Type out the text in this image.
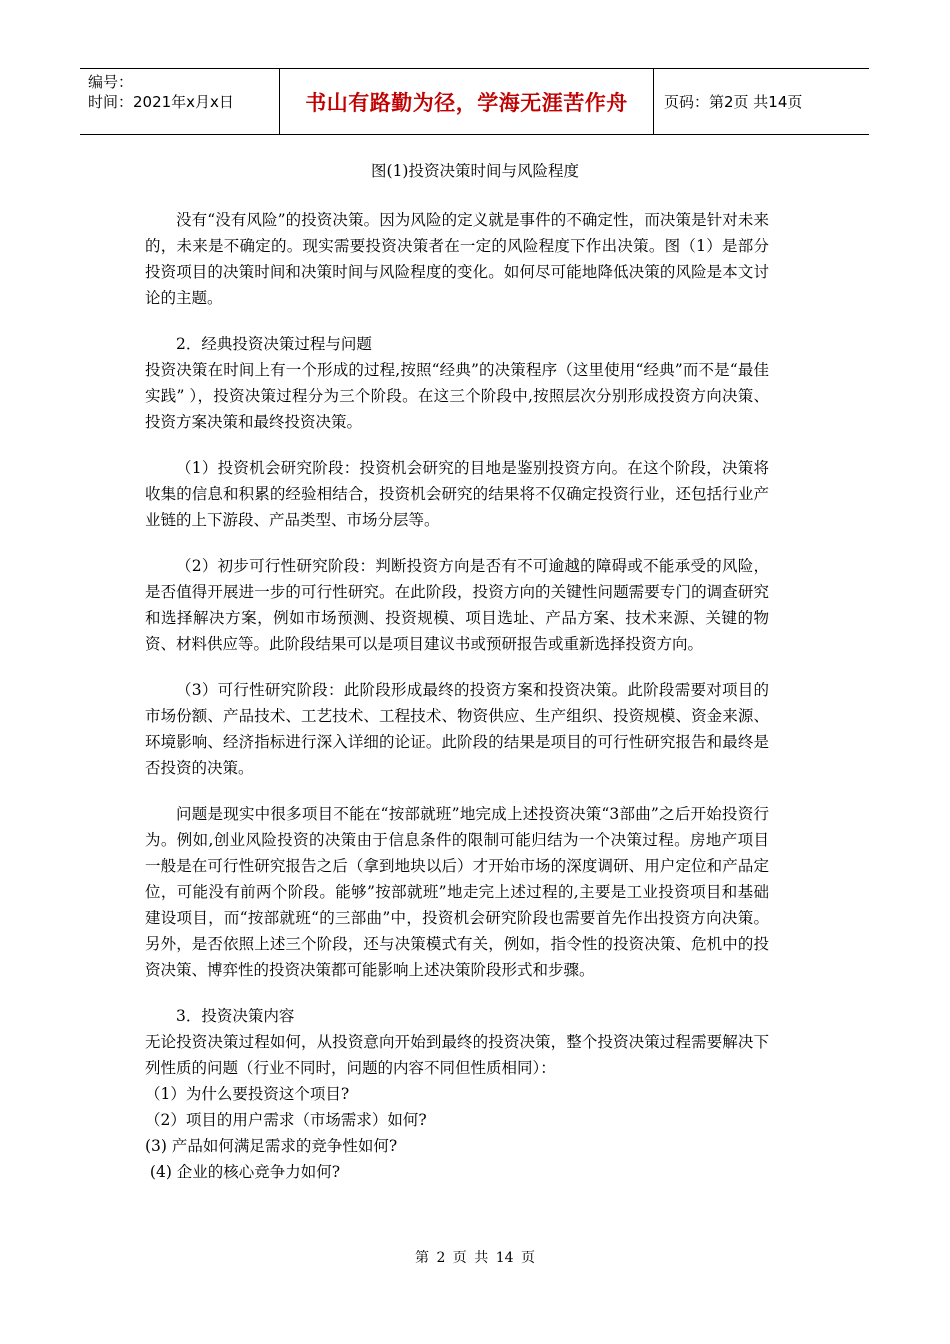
编号：
时间：2021年x月x日	书山有路勤为径，学海无涯苦作舟	页码：第2页 共14页
图(1)投资决策时间与风险程度

没有“没有风险”的投资决策。因为风险的定义就是事件的不确定性，而决策是针对未来的，未来是不确定的。现实需要投资决策者在一定的风险程度下作出决策。图（1）是部分投资项目的决策时间和决策时间与风险程度的变化。如何尽可能地降低决策的风险是本文讨论的主题。

2．经典投资决策过程与问题

投资决策在时间上有一个形成的过程,按照“经典”的决策程序（这里使用“经典”而不是“最佳实践” ），投资决策过程分为三个阶段。在这三个阶段中,按照层次分别形成投资方向决策、投资方案决策和最终投资决策。

（1）投资机会研究阶段：投资机会研究的目地是鉴别投资方向。在这个阶段，决策将收集的信息和积累的经验相结合，投资机会研究的结果将不仅确定投资行业，还包括行业产业链的上下游段、产品类型、市场分层等。

（2）初步可行性研究阶段：判断投资方向是否有不可逾越的障碍或不能承受的风险，是否值得开展进一步的可行性研究。在此阶段，投资方向的关键性问题需要专门的调查研究和选择解决方案，例如市场预测、投资规模、项目选址、产品方案、技术来源、关键的物资、材料供应等。此阶段结果可以是项目建议书或预研报告或重新选择投资方向。

（3）可行性研究阶段：此阶段形成最终的投资方案和投资决策。此阶段需要对项目的市场份额、产品技术、工艺技术、工程技术、物资供应、生产组织、投资规模、资金来源、环境影响、经济指标进行深入详细的论证。此阶段的结果是项目的可行性研究报告和最终是否投资的决策。

问题是现实中很多项目不能在“按部就班”地完成上述投资决策“3部曲”之后开始投资行为。例如,创业风险投资的决策由于信息条件的限制可能归结为一个决策过程。房地产项目一般是在可行性研究报告之后（拿到地块以后）才开始市场的深度调研、用户定位和产品定位，可能没有前两个阶段。能够”按部就班”地走完上述过程的,主要是工业投资项目和基础建设项目，而“按部就班“的三部曲”中，投资机会研究阶段也需要首先作出投资方向决策。另外，是否依照上述三个阶段，还与决策模式有关，例如，指令性的投资决策、危机中的投资决策、博弈性的投资决策都可能影响上述决策阶段形式和步骤。

3．投资决策内容

无论投资决策过程如何，从投资意向开始到最终的投资决策，整个投资决策过程需要解决下列性质的问题（行业不同时，问题的内容不同但性质相同）：

（1）为什么要投资这个项目?

（2）项目的用户需求（市场需求）如何?

(3) 产品如何满足需求的竞争性如何?

(4) 企业的核心竞争力如何?

第 2 页 共 14 页
